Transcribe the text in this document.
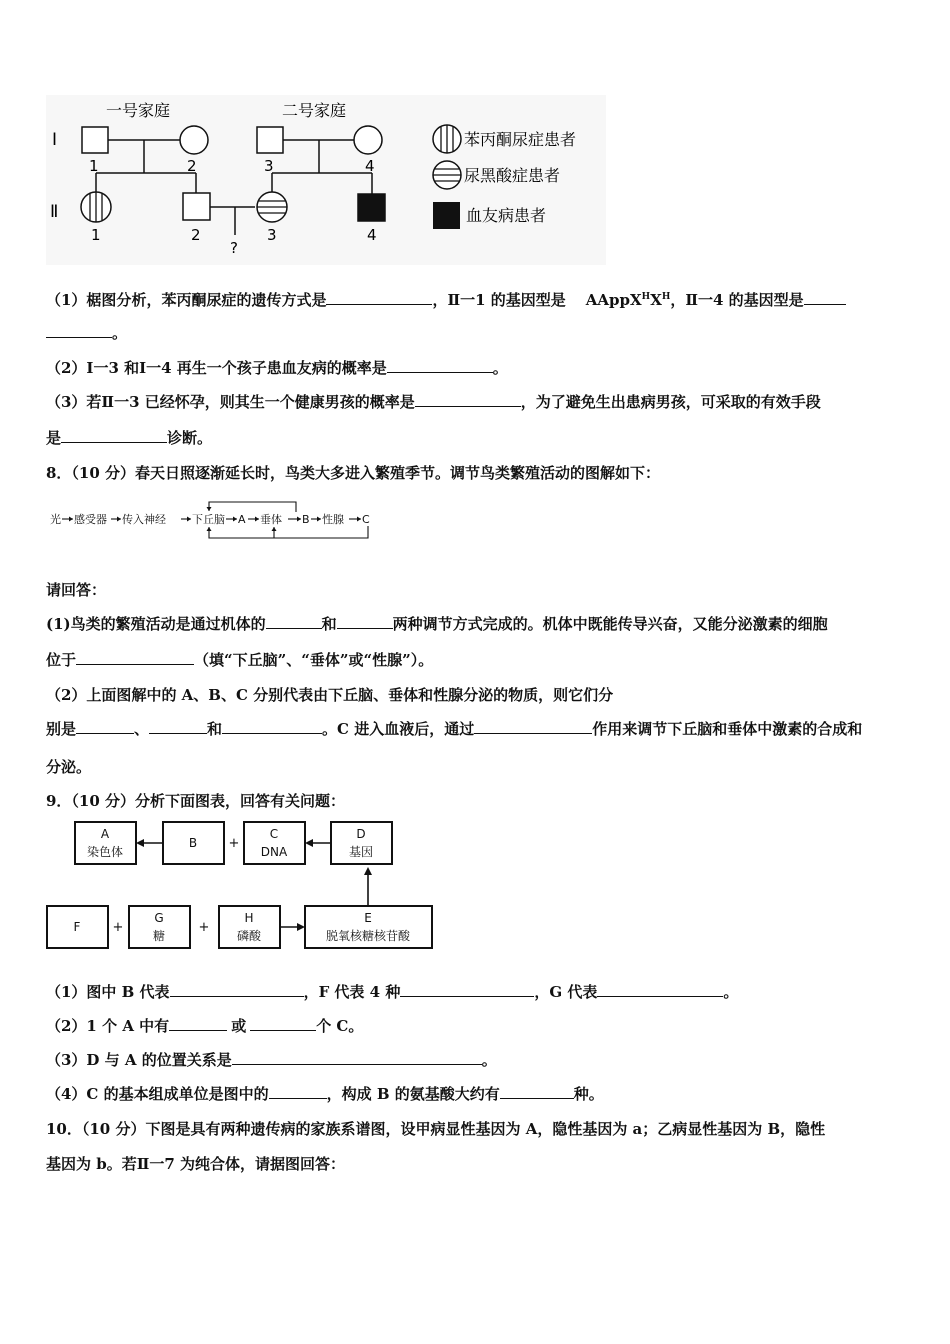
一号家庭	二号家庭
Ⅰ
Ⅱ
1	2
1	2
?
3	4
3	4
苯丙酮尿症患者
尿黑酸症患者
血友病患者
（1）椐图分析，苯丙酮尿症的遗传方式是	，Ⅱ一1 的基因型是 $AAppX^HX^H$，Ⅱ一4 的基因型是
。
（2）Ⅰ一3 和Ⅰ一4 再生一个孩子患血友病的概率是	。
（3）若Ⅱ一3 已经怀孕，则其生一个健康男孩的概率是	，为了避免生出患病男孩，可采取的有效手段
是	诊断。
8．（10 分）春天日照逐渐延长时，鸟类大多进入繁殖季节。调节鸟类繁殖活动的图解如下：
光 感受器 传入神经 下丘脑 A 垂体 B 性腺 C
请回答：
(1)鸟类的繁殖活动是通过机体的	和	两种调节方式完成的。机体中既能传导兴奋，又能分泌激素的细胞
位于	（填“下丘脑”、“垂体”或“性腺”）。
（2）上面图解中的 A、B、C 分别代表由下丘脑、垂体和性腺分泌的物质，则它们分
别是	、	和	。C 进入血液后，通过	作用来调节下丘脑和垂体中激素的合成和
分泌。
9．（10 分）分析下面图表，回答有关问题：
A
染色体
B
C
DNA
D
基因
F
G
糖
H
磷酸
E
脱氧核糖核苷酸
+
+	+
（1）图中 B 代表	，F 代表 4 种	，G 代表	。
（2）1 个 A 中有	或	个 C。
（3）D 与 A 的位置关系是	。
（4）C 的基本组成单位是图中的	，构成 B 的氨基酸大约有	种。
10．（10 分）下图是具有两种遗传病的家族系谱图，设甲病显性基因为 A，隐性基因为 a；乙病显性基因为 B，隐性
基因为 b。若Ⅱ一7 为纯合体，请据图回答：
